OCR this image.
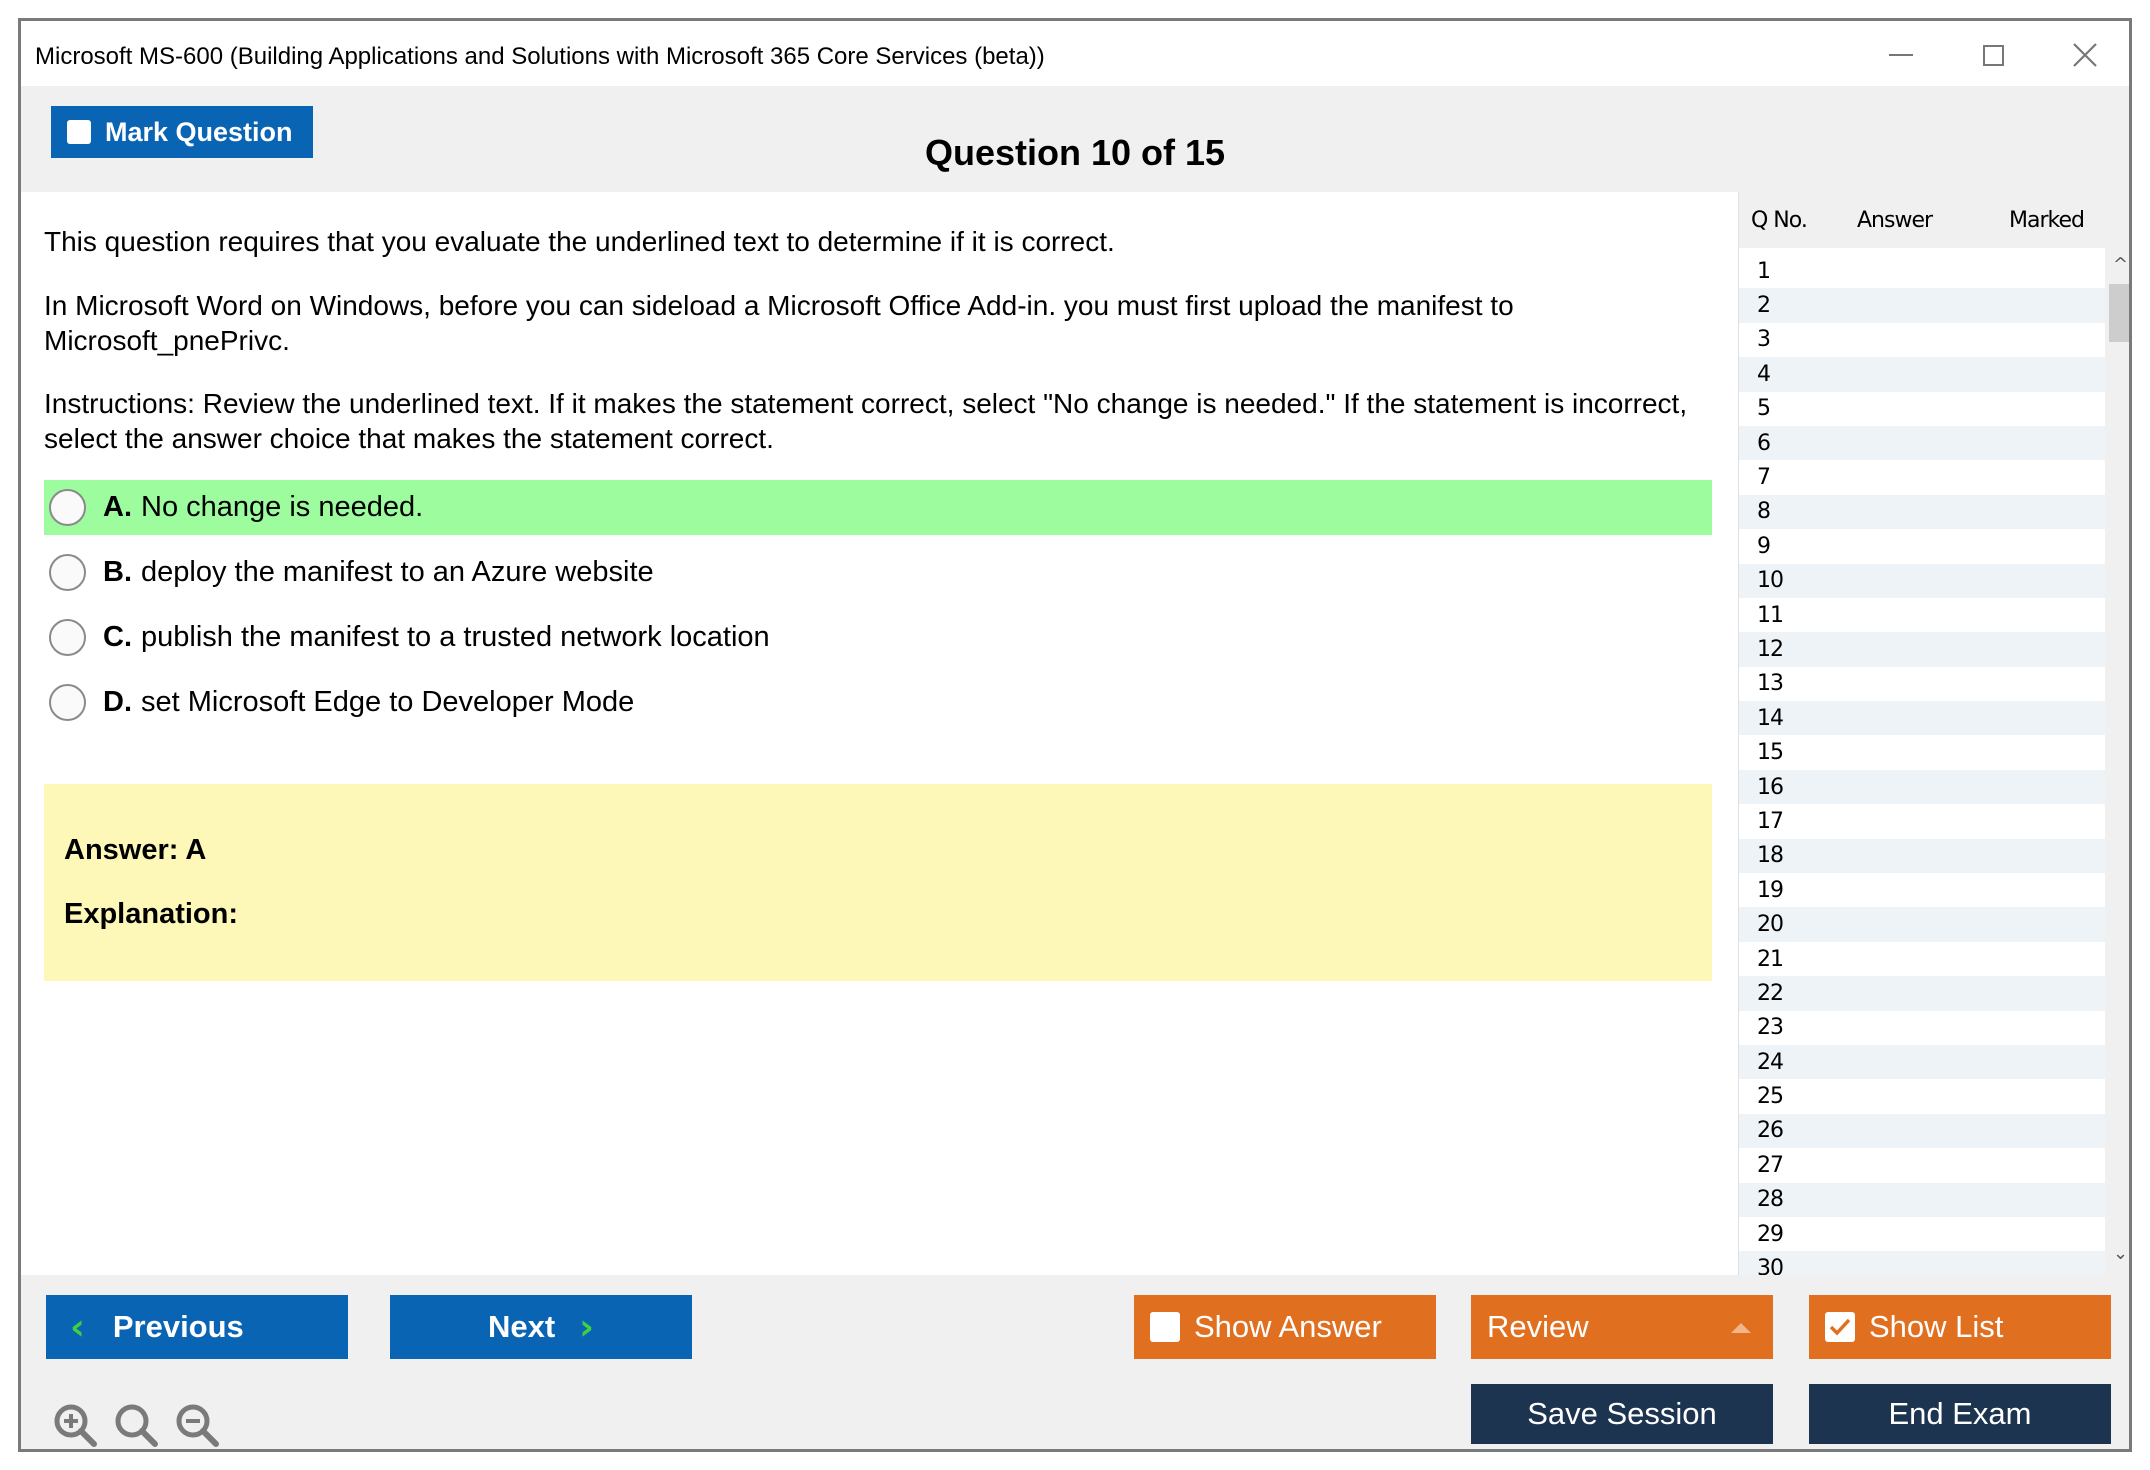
Microsoft MS-600 (Building Applications and Solutions with Microsoft 365 Core Services (beta))
Mark Question
Question 10 of 15
This question requires that you evaluate the underlined text to determine if it is correct.
In Microsoft Word on Windows, before you can sideload a Microsoft Office Add-in. you must first upload the manifest to Microsoft_pnePrivc.
Instructions: Review the underlined text. If it makes the statement correct, select "No change is needed." If the statement is incorrect, select the answer choice that makes the statement correct.
A. No change is needed.
B. deploy the manifest to an Azure website
C. publish the manifest to a trusted network location
D. set Microsoft Edge to Developer Mode
Answer: A
Explanation:
Q No. Answer	Marked
1
2
3
4
5
6
7
8
9
10
11
12
13
14
15
16
17
18
19
20
21
22
23
24
25
26
27
28
29
30
^
⌄
‹ Previous	Next ›	Show Answer	Review	Show List
Save Session	End Exam
